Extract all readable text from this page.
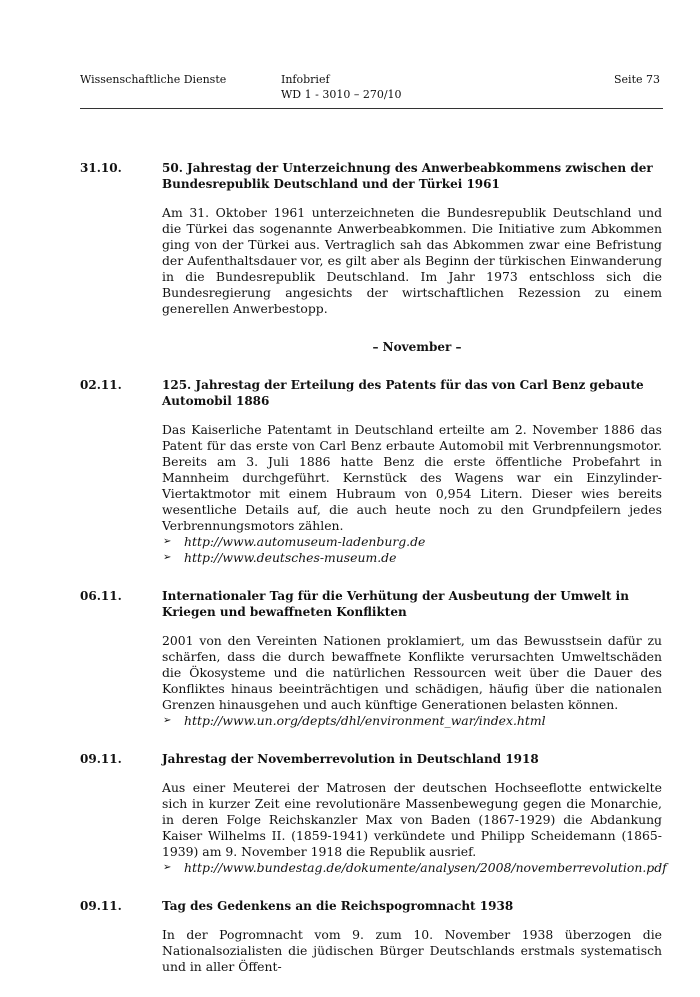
Wissenschaftliche Dienste	Infobrief
WD 1 - 3010 – 270/10
Seite 73
31.10.	50. Jahrestag der Unterzeichnung des Anwerbeabkommens zwischen der Bundesrepublik Deutschland und der Türkei 1961
Am 31. Oktober 1961 unterzeichneten die Bundesrepublik Deutschland und die Türkei das sogenannte Anwerbeabkommen. Die Initiative zum Abkommen ging von der Türkei aus. Vertraglich sah das Abkommen zwar eine Befristung der Aufenthaltsdauer vor, es gilt aber als Beginn der türkischen Einwanderung in die Bundesrepublik Deutschland. Im Jahr 1973 entschloss sich die Bundesregierung angesichts der wirtschaftlichen Rezession zu einem generellen Anwerbestopp.
– November –
02.11.	125. Jahrestag der Erteilung des Patents für das von Carl Benz gebaute Automobil 1886
Das Kaiserliche Patentamt in Deutschland erteilte am 2. November 1886 das Patent für das erste von Carl Benz erbaute Automobil mit Verbrennungsmotor. Bereits am 3. Juli 1886 hatte Benz die erste öffentliche Probefahrt in Mannheim durchgeführt. Kernstück des Wagens war ein Einzylinder-Viertaktmotor mit einem Hubraum von 0,954 Litern. Dieser wies bereits wesentliche Details auf, die auch heute noch zu den Grundpfeilern jedes Verbrennungsmotors zählen.
➢ http://www.automuseum-ladenburg.de
➢ http://www.deutsches-museum.de
06.11.	Internationaler Tag für die Verhütung der Ausbeutung der Umwelt in Kriegen und bewaffneten Konflikten
2001 von den Vereinten Nationen proklamiert, um das Bewusstsein dafür zu schärfen, dass die durch bewaffnete Konflikte verursachten Umweltschäden die Ökosysteme und die natürlichen Ressourcen weit über die Dauer des Konfliktes hinaus beeinträchtigen und schädigen, häufig über die nationalen Grenzen hinausgehen und auch künftige Generationen belasten können.
➢ http://www.un.org/depts/dhl/environment_war/index.html
09.11.	Jahrestag der Novemberrevolution in Deutschland 1918
Aus einer Meuterei der Matrosen der deutschen Hochseeflotte entwickelte sich in kurzer Zeit eine revolutionäre Massenbewegung gegen die Monarchie, in deren Folge Reichskanzler Max von Baden (1867-1929) die Abdankung Kaiser Wilhelms II. (1859-1941) verkündete und Philipp Scheidemann (1865-1939) am 9. November 1918 die Republik ausrief.
➢ http://www.bundestag.de/dokumente/analysen/2008/novemberrevolution.pdf
09.11.	Tag des Gedenkens an die Reichspogromnacht 1938
In der Pogromnacht vom 9. zum 10. November 1938 überzogen die Nationalsozialisten die jüdischen Bürger Deutschlands erstmals systematisch und in aller Öffent-
